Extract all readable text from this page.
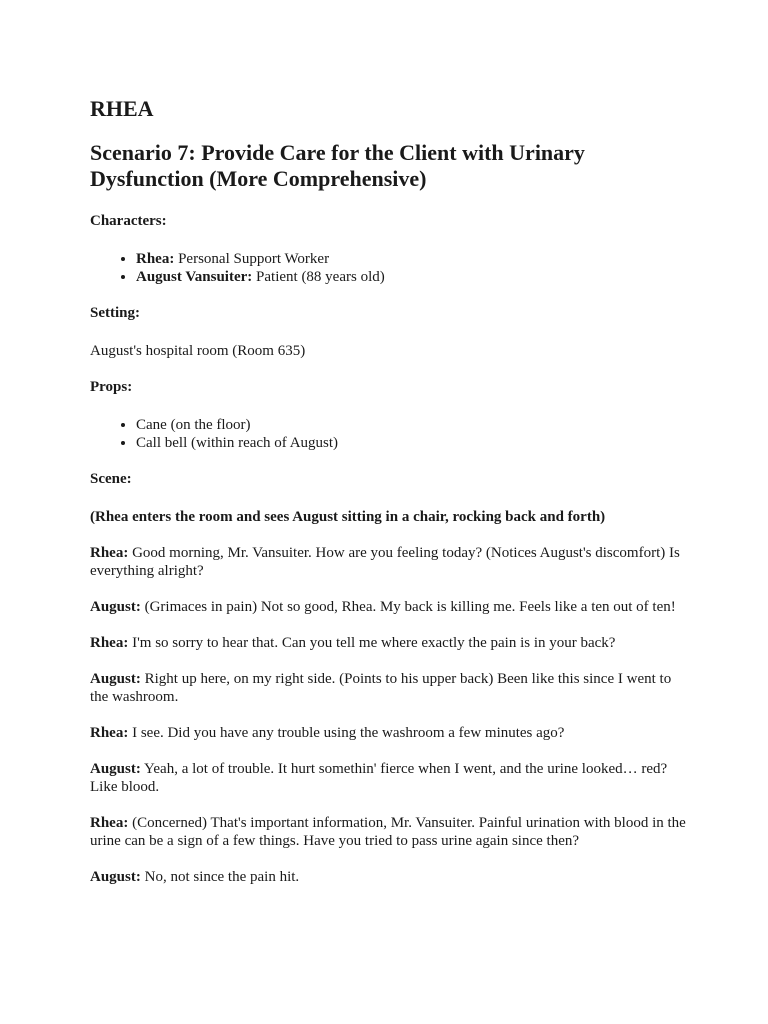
RHEA
Scenario 7: Provide Care for the Client with Urinary Dysfunction (More Comprehensive)
Characters:
• Rhea: Personal Support Worker
• August Vansuiter: Patient (88 years old)
Setting:

August's hospital room (Room 635)

Props:
• Cane (on the floor)
• Call bell (within reach of August)
Scene:

(Rhea enters the room and sees August sitting in a chair, rocking back and forth)

Rhea: Good morning, Mr. Vansuiter. How are you feeling today? (Notices August's discomfort) Is everything alright?

August: (Grimaces in pain) Not so good, Rhea. My back is killing me. Feels like a ten out of ten!

Rhea: I'm so sorry to hear that. Can you tell me where exactly the pain is in your back?

August: Right up here, on my right side. (Points to his upper back) Been like this since I went to the washroom.

Rhea: I see. Did you have any trouble using the washroom a few minutes ago?

August: Yeah, a lot of trouble. It hurt somethin' fierce when I went, and the urine looked… red? Like blood.

Rhea: (Concerned) That's important information, Mr. Vansuiter. Painful urination with blood in the urine can be a sign of a few things. Have you tried to pass urine again since then?

August: No, not since the pain hit.
